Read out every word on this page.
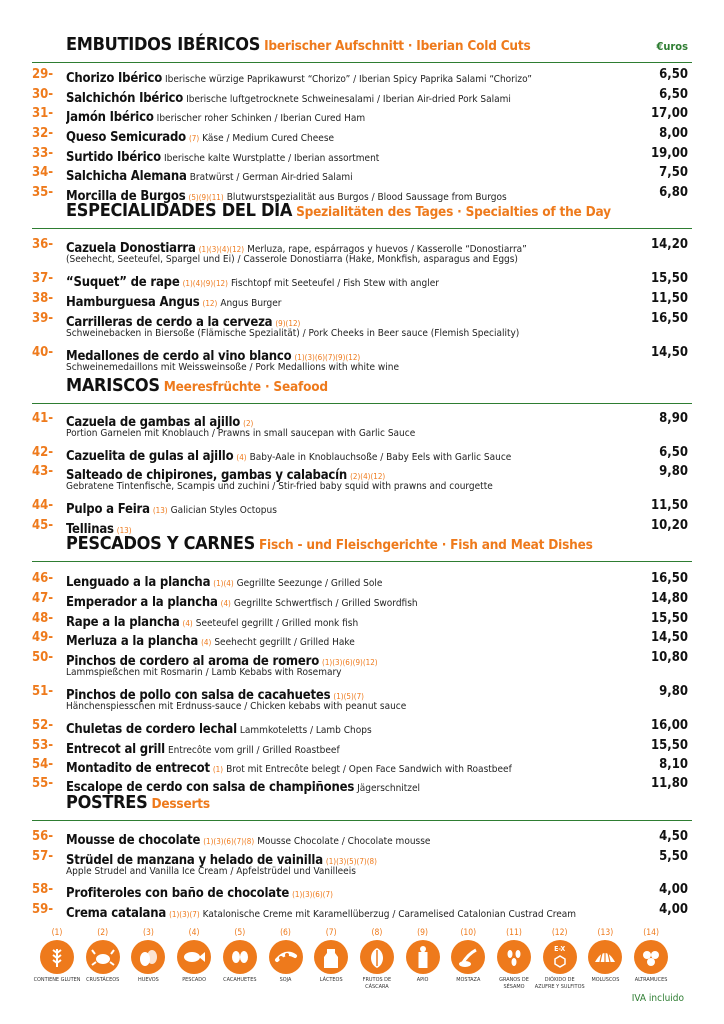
EMBUTIDOS IBÉRICOS Iberischer Aufschnitt · Iberian Cold Cuts	€uros
29- Chorizo Ibérico Iberische würzige Paprikawurst “Chorizo” / Iberian Spicy Paprika Salami “Chorizo”	6,50
30- Salchichón Ibérico Iberische luftgetrocknete Schweinesalami / Iberian Air-dried Pork Salami	6,50
31- Jamón Ibérico Iberischer roher Schinken / Iberian Cured Ham	17,00
32- Queso Semicurado (7) Käse / Medium Cured Cheese	8,00
33- Surtido Ibérico Iberische kalte Wurstplatte / Iberian assortment	19,00
34- Salchicha Alemana Bratwürst / German Air-dried Salami	7,50
35- Morcilla de Burgos (5)(9)(11) Blutwurstspezialität aus Burgos / Blood Saussage from Burgos	6,80
ESPECIALIDADES DEL DÍA Spezialitäten des Tages · Specialties of the Day
36- Cazuela Donostiarra (1)(3)(4)(12) Merluza, rape, espárragos y huevos / Kasserolle “Donostiarra”
(Seehecht, Seeteufel, Spargel und Ei) / Casserole Donostiarra (Hake, Monkfish, asparagus and Eggs)
14,20
37- “Suquet” de rape (1)(4)(9)(12) Fischtopf mit Seeteufel / Fish Stew with angler	15,50
38- Hamburguesa Angus (12) Angus Burger	11,50
39- Carrilleras de cerdo a la cerveza (9)(12)
Schweinebacken in Biersoße (Flämische Spezialität) / Pork Cheeks in Beer sauce (Flemish Speciality)
16,50
40- Medallones de cerdo al vino blanco (1)(3)(6)(7)(9)(12)
Schweinemedaillons mit Weissweinsoße / Pork Medallions with white wine
14,50
MARISCOS Meeresfrüchte · Seafood
41- Cazuela de gambas al ajillo (2)
Portion Garnelen mit Knoblauch / Prawns in small saucepan with Garlic Sauce
8,90
42- Cazuelita de gulas al ajillo (4) Baby-Aale in Knoblauchsoße / Baby Eels with Garlic Sauce	6,50
43- Salteado de chipirones, gambas y calabacín (2)(4)(12)
Gebratene Tintenfische, Scampis und zuchini / Stir-fried baby squid with prawns and courgette
9,80
44- Pulpo a Feira (13) Galician Styles Octopus	11,50
45- Tellinas (13)	10,20
PESCADOS Y CARNES Fisch - und Fleischgerichte · Fish and Meat Dishes
46- Lenguado a la plancha (1)(4) Gegrillte Seezunge / Grilled Sole	16,50
47- Emperador a la plancha (4) Gegrillte Schwertfisch / Grilled Swordfish	14,80
48- Rape a la plancha (4) Seeteufel gegrillt / Grilled monk fish	15,50
49- Merluza a la plancha (4) Seehecht gegrillt / Grilled Hake	14,50
50- Pinchos de cordero al aroma de romero (1)(3)(6)(9)(12)
Lammspießchen mit Rosmarin / Lamb Kebabs with Rosemary
10,80
51- Pinchos de pollo con salsa de cacahuetes (1)(5)(7)
Hänchenspiesschen mit Erdnuss-sauce / Chicken kebabs with peanut sauce
9,80
52- Chuletas de cordero lechal Lammkoteletts / Lamb Chops	16,00
53- Entrecot al grill Entrecôte vom grill / Grilled Roastbeef	15,50
54- Montadito de entrecot (1) Brot mit Entrecôte belegt / Open Face Sandwich with Roastbeef	8,10
55- Escalope de cerdo con salsa de champiñones Jägerschnitzel	11,80
POSTRES Desserts
56- Mousse de chocolate (1)(3)(6)(7)(8) Mousse Chocolate / Chocolate mousse	4,50
57- Strüdel de manzana y helado de vainilla (1)(3)(5)(7)(8)
Apple Strudel and Vanilla Ice Cream / Apfelstrüdel und Vanilleeis
5,50
58- Profiteroles con baño de chocolate (1)(3)(6)(7)	4,00
59- Crema catalana (1)(3)(7) Katalonische Creme mit Karamellüberzug / Caramelised Catalonian Custrad Cream	4,00
(1)
CONTIENE GLUTEN
(2)
CRUSTÁCEOS
(3)
HUEVOS
(4)
PESCADO
(5)
CACAHUETES
(6)
SOJA
(7)
LÁCTEOS
(8)
FRUTOS DE CÁSCARA
(9)
APIO
(10)
MOSTAZA
(11)
GRANOS DE SÉSAMO
(12)
E-X
DIÓXIDO DE AZUFRE Y SULFITOS
(13)
MOLUSCOS
(14)
ALTRAMUCES
IVA incluido
